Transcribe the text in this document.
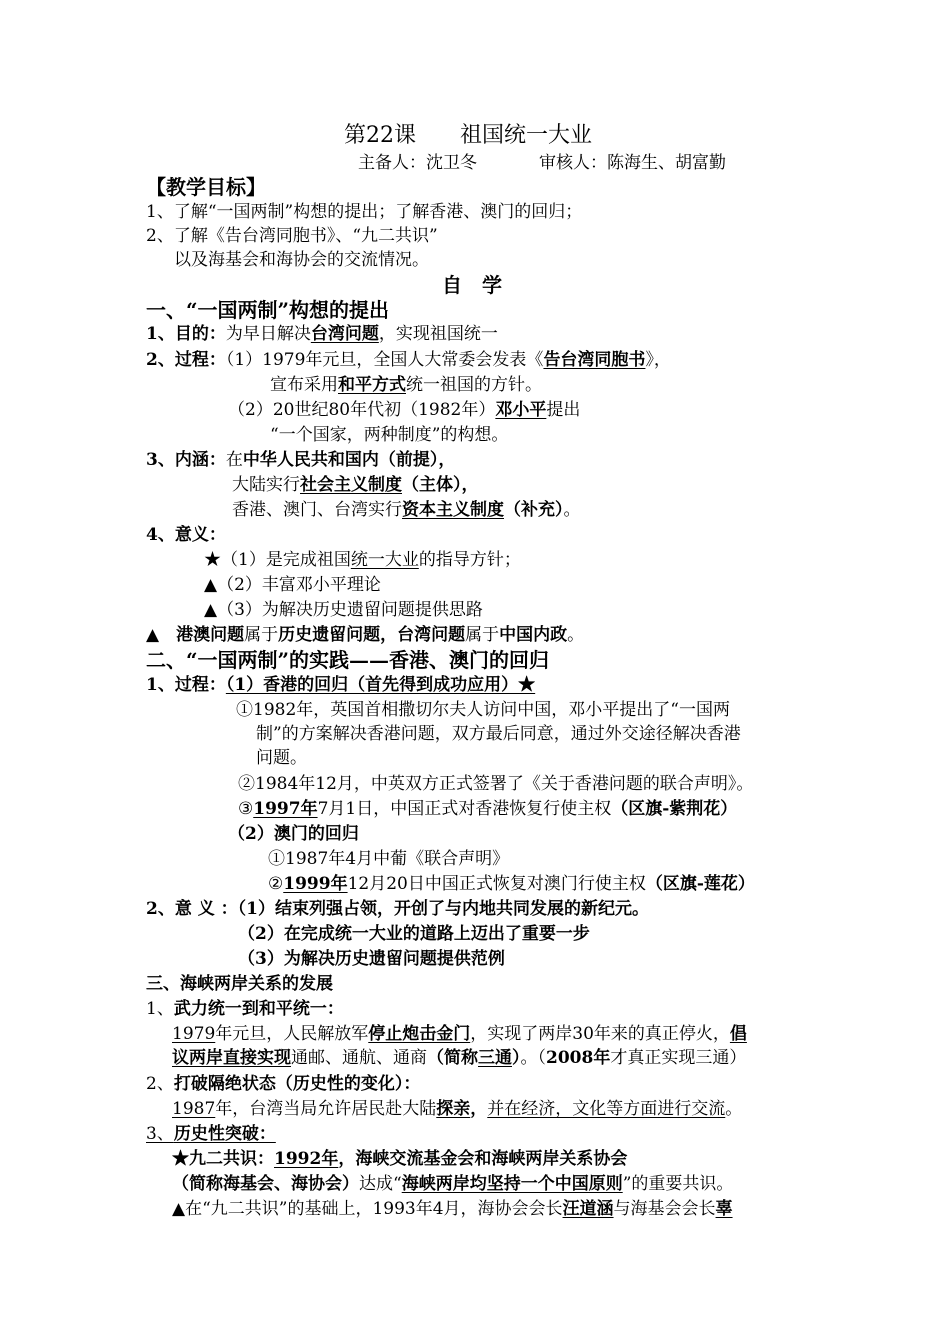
第22课 祖国统一大业
主备人：沈卫冬	审核人：陈海生、胡富勤
【教学目标】
1、了解“一国两制”构想的提出；了解香港、澳门的回归；
2、了解《告台湾同胞书》、“九二共识”
以及海基会和海协会的交流情况。
自　学
一、“一国两制”构想的提出
1、目的：为早日解决台湾问题，实现祖国统一
2、过程：（1）1979年元旦，全国人大常委会发表《告台湾同胞书》，
宣布采用和平方式统一祖国的方针。
（2）20世纪80年代初（1982年）邓小平提出
“一个国家，两种制度”的构想。
3、内涵：在中华人民共和国内（前提），
大陆实行社会主义制度（主体），
香港、澳门、台湾实行资本主义制度（补充）。
4、意义：
★（1）是完成祖国统一大业的指导方针；
▲（2）丰富邓小平理论
▲（3）为解决历史遗留问题提供思路
▲　港澳问题属于历史遗留问题，台湾问题属于中国内政。
二、“一国两制”的实践——香港、澳门的回归
1、过程：（1）香港的回归（首先得到成功应用）★
①1982年，英国首相撒切尔夫人访问中国，邓小平提出了“一国两
制”的方案解决香港问题，双方最后同意，通过外交途径解决香港
问题。
②1984年12月，中英双方正式签署了《关于香港问题的联合声明》。
③1997年7月1日，中国正式对香港恢复行使主权（区旗-紫荆花）
（2）澳门的回归
①1987年4月中葡《联合声明》
②1999年12月20日中国正式恢复对澳门行使主权（区旗-莲花）
2、意 义 ：（1）结束列强占领，开创了与内地共同发展的新纪元。
（2）在完成统一大业的道路上迈出了重要一步
（3）为解决历史遗留问题提供范例
三、海峡两岸关系的发展
1、武力统一到和平统一：
1979年元旦，人民解放军停止炮击金门，实现了两岸30年来的真正停火，倡
议两岸直接实现通邮、通航、通商（简称三通）。（2008年才真正实现三通）
2、打破隔绝状态（历史性的变化）：
1987年，台湾当局允许居民赴大陆探亲，并在经济，文化等方面进行交流。
3、历史性突破：
★九二共识：1992年，海峡交流基金会和海峡两岸关系协会
（简称海基会、海协会）达成“海峡两岸均坚持一个中国原则”的重要共识。
▲在“九二共识”的基础上，1993年4月，海协会会长汪道涵与海基会会长辜
